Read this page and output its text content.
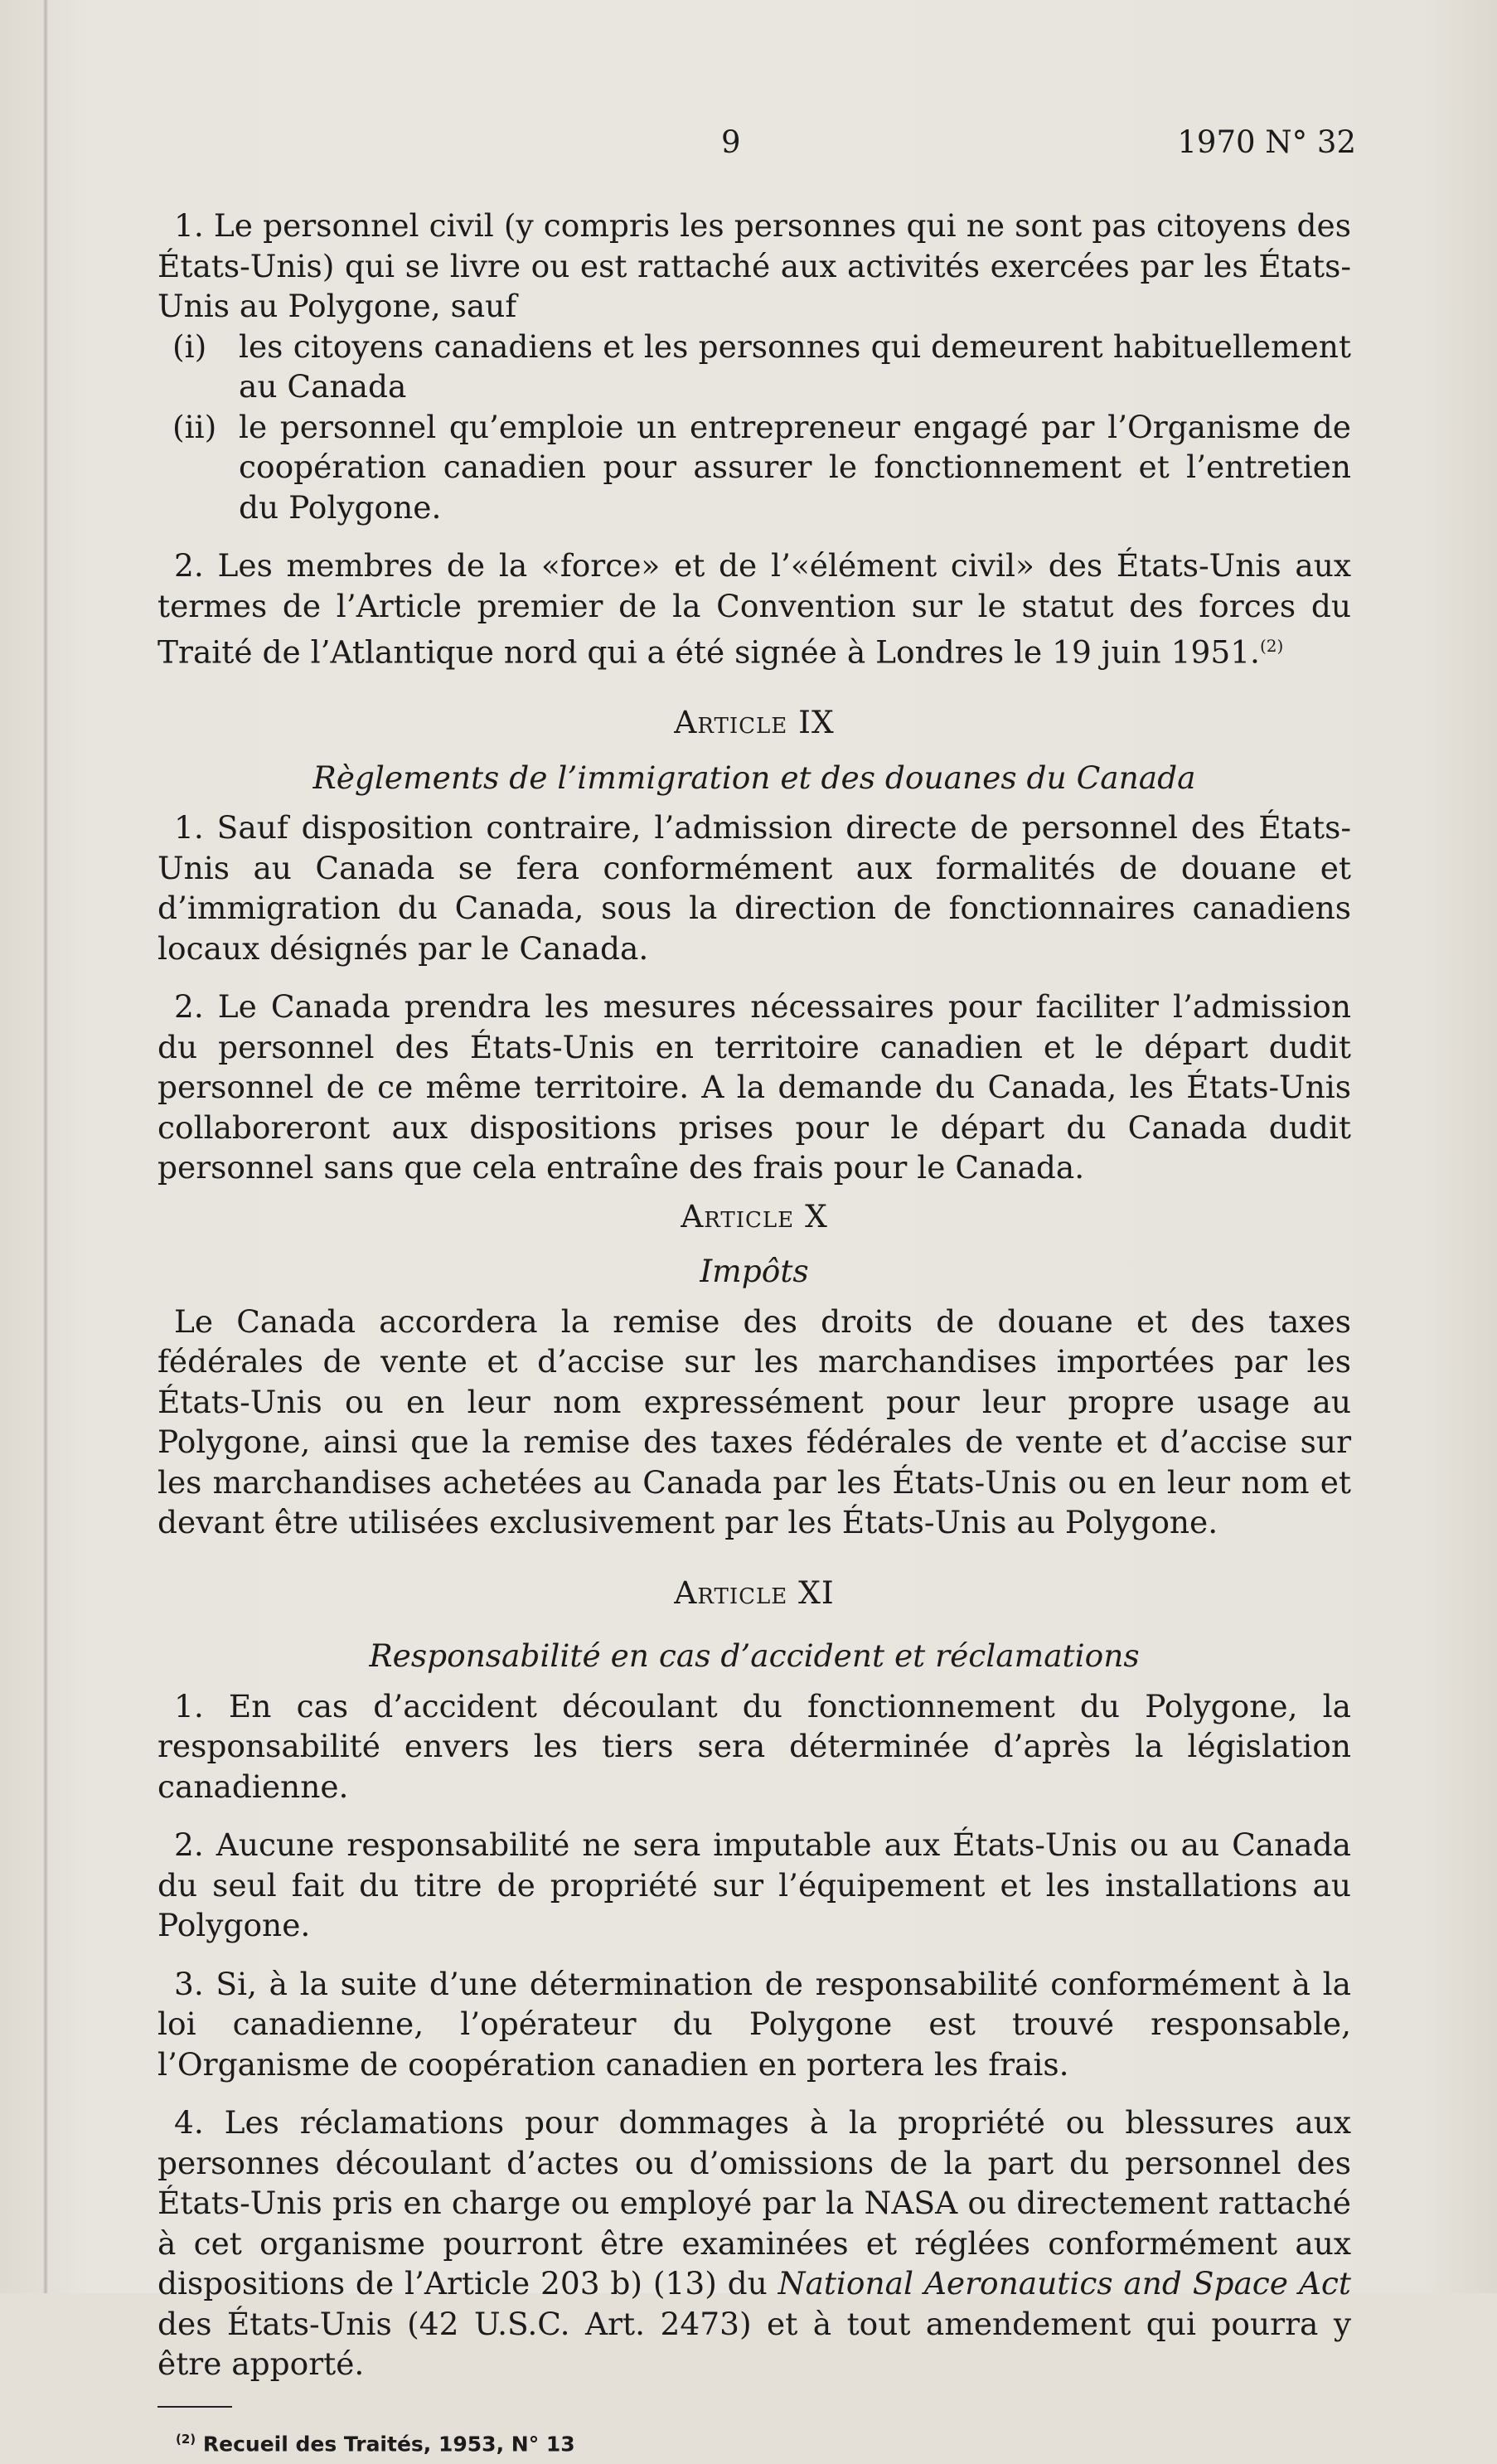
9	1970 N° 32

1. Le personnel civil (y compris les personnes qui ne sont pas citoyens des États-Unis) qui se livre ou est rattaché aux activités exercées par les États-Unis au Polygone, sauf

(i) les citoyens canadiens et les personnes qui demeurent habituellement au Canada

(ii) le personnel qu’emploie un entrepreneur engagé par l’Organisme de coopération canadien pour assurer le fonctionnement et l’entretien du Polygone.

2. Les membres de la «force» et de l’«élément civil» des États-Unis aux termes de l’Article premier de la Convention sur le statut des forces du Traité de l’Atlantique nord qui a été signée à Londres le 19 juin 1951.$^{(2)}$

Article IX
Règlements de l’immigration et des douanes du Canada

1. Sauf disposition contraire, l’admission directe de personnel des États-Unis au Canada se fera conformément aux formalités de douane et d’immigration du Canada, sous la direction de fonctionnaires canadiens locaux désignés par le Canada.

2. Le Canada prendra les mesures nécessaires pour faciliter l’admission du personnel des États-Unis en territoire canadien et le départ dudit personnel de ce même territoire. A la demande du Canada, les États-Unis collaboreront aux dispositions prises pour le départ du Canada dudit personnel sans que cela entraîne des frais pour le Canada.

Article X
Impôts

Le Canada accordera la remise des droits de douane et des taxes fédérales de vente et d’accise sur les marchandises importées par les États-Unis ou en leur nom expressément pour leur propre usage au Polygone, ainsi que la remise des taxes fédérales de vente et d’accise sur les marchandises achetées au Canada par les États-Unis ou en leur nom et devant être utilisées exclusivement par les États-Unis au Polygone.

Article XI
Responsabilité en cas d’accident et réclamations

1. En cas d’accident découlant du fonctionnement du Polygone, la responsabilité envers les tiers sera déterminée d’après la législation canadienne.

2. Aucune responsabilité ne sera imputable aux États-Unis ou au Canada du seul fait du titre de propriété sur l’équipement et les installations au Polygone.

3. Si, à la suite d’une détermination de responsabilité conformément à la loi canadienne, l’opérateur du Polygone est trouvé responsable, l’Organisme de coopération canadien en portera les frais.

4. Les réclamations pour dommages à la propriété ou blessures aux personnes découlant d’actes ou d’omissions de la part du personnel des États-Unis pris en charge ou employé par la NASA ou directement rattaché à cet organisme pourront être examinées et réglées conformément aux dispositions de l’Article 203 b) (13) du National Aeronautics and Space Act des États-Unis (42 U.S.C. Art. 2473) et à tout amendement qui pourra y être apporté.

$^{(2)}$ Recueil des Traités, 1953, N° 13
